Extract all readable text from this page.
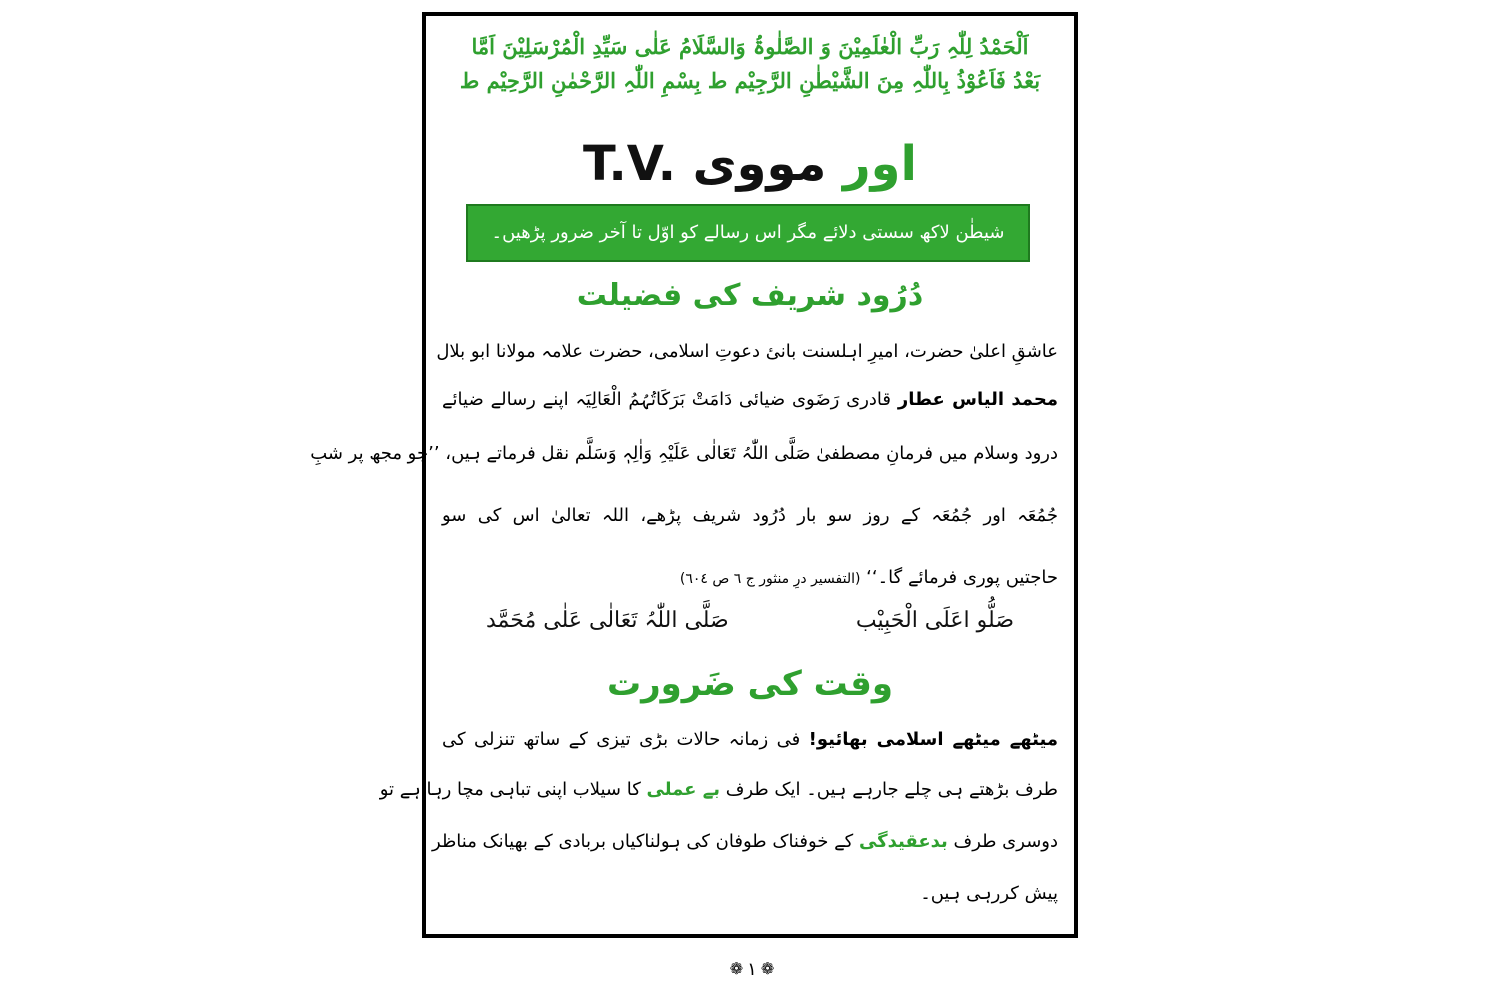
اَلْحَمْدُ لِلّٰہِ رَبِّ الْعٰلَمِیْنَ وَ الصَّلٰوۃُ وَالسَّلَامُ عَلٰی سَیِّدِ الْمُرْسَلِیْنَ اَمَّا
بَعْدُ فَاَعُوْذُ بِاللّٰہِ مِنَ الشَّیْطٰنِ الرَّجِیْم ط بِسْمِ اللّٰہِ الرَّحْمٰنِ الرَّحِیْم ط
T.V.	اور مووی
شیطٰن لاکھ سستی دلائے مگر اس رسالے کو اوّل تا آخر ضرور پڑھیں۔
دُرُود شریف کی فضیلت
عاشقِ اعلیٰ حضرت، امیرِ اہلسنت بانیٔ دعوتِ اسلامی، حضرت علامہ مولانا ابو بلال
محمد الیاس عطار قادری رَضَوی ضیائی دَامَتْ بَرَکَاتُہُمُ الْعَالِیَہ اپنے رسالے ضیائے
درود وسلام میں فرمانِ مصطفیٰ صَلَّی اللّٰہُ تَعَالٰی عَلَیْہِ وَاٰلِہٖ وَسَلَّم نقل فرماتے ہیں، ’’جو مجھ پر شبِ
جُمُعَہ اور جُمُعَہ کے روز سو بار دُرُود شریف پڑھے، اللہ تعالیٰ اس کی سو
حاجتیں پوری فرمائے گا۔‘‘ (التفسیر درِ منثور ج ٦ ص ٦٠٤)
صَلُّو اعَلَی الْحَبِیْب
صَلَّی اللّٰہُ تَعَالٰی عَلٰی مُحَمَّد
وقت کی ضَرورت
میٹھے میٹھے اسلامی بھائیو! فی زمانہ حالات بڑی تیزی کے ساتھ تنزلی کی
طرف بڑھتے ہی چلے جارہے ہیں۔ ایک طرف بے عملی کا سیلاب اپنی تباہی مچا رہا ہے تو
دوسری طرف بدعقیدگی کے خوفناک طوفان کی ہولناکیاں بربادی کے بھیانک مناظر
پیش کررہی ہیں۔
❁ ١ ❁
